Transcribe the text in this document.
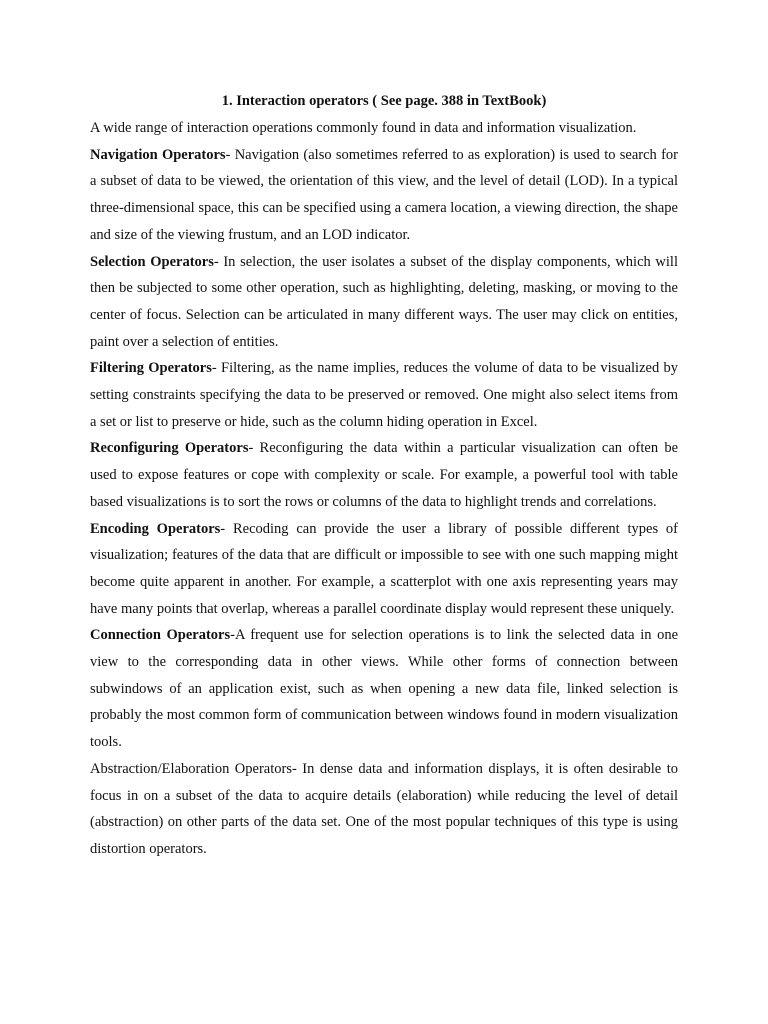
1. Interaction operators ( See page. 388 in TextBook)

A wide range of interaction operations commonly found in data and information visualization.

Navigation Operators- Navigation (also sometimes referred to as exploration) is used to search for a subset of data to be viewed, the orientation of this view, and the level of detail (LOD). In a typical three-dimensional space, this can be specified using a camera location, a viewing direction, the shape and size of the viewing frustum, and an LOD indicator.

Selection Operators- In selection, the user isolates a subset of the display components, which will then be subjected to some other operation, such as highlighting, deleting, masking, or moving to the center of focus. Selection can be articulated in many different ways. The user may click on entities, paint over a selection of entities.

Filtering Operators- Filtering, as the name implies, reduces the volume of data to be visualized by setting constraints specifying the data to be preserved or removed. One might also select items from a set or list to preserve or hide, such as the column hiding operation in Excel.

Reconfiguring Operators- Reconfiguring the data within a particular visualization can often be used to expose features or cope with complexity or scale. For example, a powerful tool with table based visualizations is to sort the rows or columns of the data to highlight trends and correlations.

Encoding Operators- Recoding can provide the user a library of possible different types of visualization; features of the data that are difficult or impossible to see with one such mapping might become quite apparent in another. For example, a scatterplot with one axis representing years may have many points that overlap, whereas a parallel coordinate display would represent these uniquely.

Connection Operators-A frequent use for selection operations is to link the selected data in one view to the corresponding data in other views. While other forms of connection between subwindows of an application exist, such as when opening a new data file, linked selection is probably the most common form of communication between windows found in modern visualization tools.

Abstraction/Elaboration Operators- In dense data and information displays, it is often desirable to focus in on a subset of the data to acquire details (elaboration) while reducing the level of detail (abstraction) on other parts of the data set. One of the most popular techniques of this type is using distortion operators.
